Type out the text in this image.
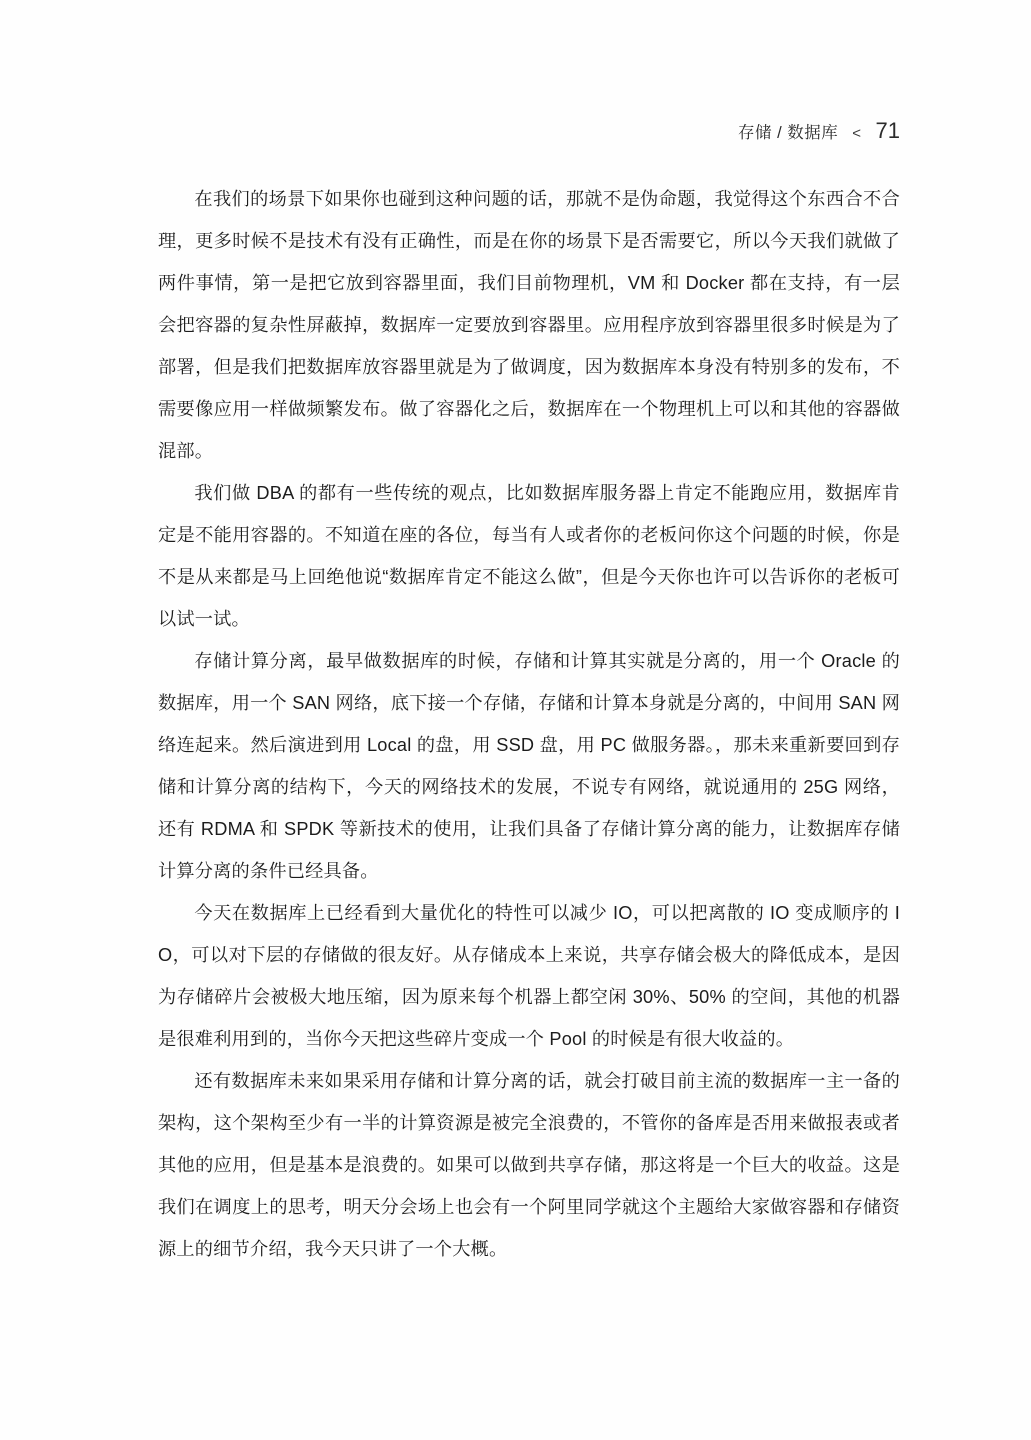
存储 / 数据库 < 71

在我们的场景下如果你也碰到这种问题的话，那就不是伪命题，我觉得这个东西合不合理，更多时候不是技术有没有正确性，而是在你的场景下是否需要它，所以今天我们就做了两件事情，第一是把它放到容器里面，我们目前物理机，VM 和 Docker 都在支持，有一层会把容器的复杂性屏蔽掉，数据库一定要放到容器里。应用程序放到容器里很多时候是为了部署，但是我们把数据库放容器里就是为了做调度，因为数据库本身没有特别多的发布，不需要像应用一样做频繁发布。做了容器化之后，数据库在一个物理机上可以和其他的容器做混部。

我们做 DBA 的都有一些传统的观点，比如数据库服务器上肯定不能跑应用，数据库肯定是不能用容器的。不知道在座的各位，每当有人或者你的老板问你这个问题的时候，你是不是从来都是马上回绝他说“数据库肯定不能这么做”，但是今天你也许可以告诉你的老板可以试一试。

存储计算分离，最早做数据库的时候，存储和计算其实就是分离的，用一个 Oracle 的数据库，用一个 SAN 网络，底下接一个存储，存储和计算本身就是分离的，中间用 SAN 网络连起来。然后演进到用 Local 的盘，用 SSD 盘，用 PC 做服务器。，那未来重新要回到存储和计算分离的结构下，今天的网络技术的发展，不说专有网络，就说通用的 25G 网络，还有 RDMA 和 SPDK 等新技术的使用，让我们具备了存储计算分离的能力，让数据库存储计算分离的条件已经具备。

今天在数据库上已经看到大量优化的特性可以减少 IO，可以把离散的 IO 变成顺序的 IO，可以对下层的存储做的很友好。从存储成本上来说，共享存储会极大的降低成本，是因为存储碎片会被极大地压缩，因为原来每个机器上都空闲 30%、50% 的空间，其他的机器是很难利用到的，当你今天把这些碎片变成一个 Pool 的时候是有很大收益的。

还有数据库未来如果采用存储和计算分离的话，就会打破目前主流的数据库一主一备的架构，这个架构至少有一半的计算资源是被完全浪费的，不管你的备库是否用来做报表或者其他的应用，但是基本是浪费的。如果可以做到共享存储，那这将是一个巨大的收益。这是我们在调度上的思考，明天分会场上也会有一个阿里同学就这个主题给大家做容器和存储资源上的细节介绍，我今天只讲了一个大概。
